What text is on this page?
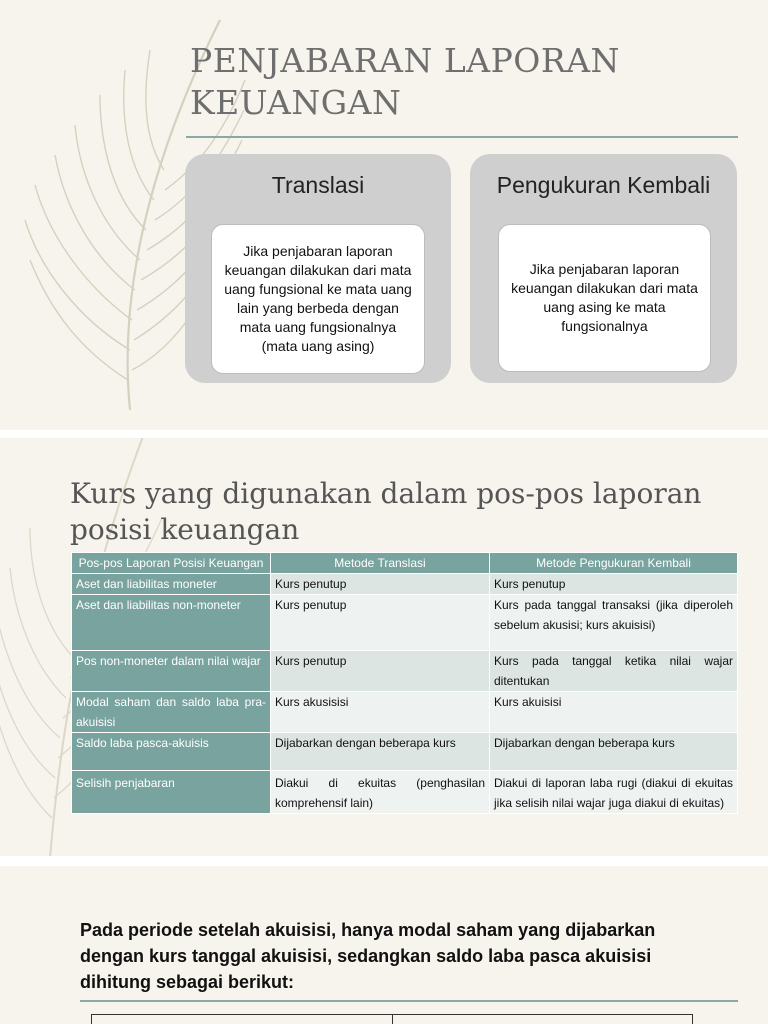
PENJABARAN LAPORAN KEUANGAN
Translasi
Jika penjabaran laporan keuangan dilakukan dari mata uang fungsional ke mata uang lain yang berbeda dengan mata uang fungsionalnya (mata uang asing)
Pengukuran Kembali
Jika penjabaran laporan keuangan dilakukan dari mata uang asing ke mata fungsionalnya
Kurs yang digunakan dalam pos-pos laporan posisi keuangan
Pos-pos Laporan Posisi Keuangan	Metode Translasi	Metode Pengukuran Kembali
Aset dan liabilitas moneter	Kurs penutup	Kurs penutup
Aset dan liabilitas non-moneter	Kurs penutup	Kurs pada tanggal transaksi (jika diperoleh sebelum akusisi; kurs akuisisi)
Pos non-moneter dalam nilai wajar	Kurs penutup	Kurs pada tanggal ketika nilai wajar ditentukan
Modal saham dan saldo laba pra-akuisisi	Kurs akusisisi	Kurs akuisisi
Saldo laba pasca-akuisis	Dijabarkan dengan beberapa kurs	Dijabarkan dengan beberapa kurs
Selisih penjabaran	Diakui di ekuitas (penghasilan komprehensif lain)	Diakui di laporan laba rugi (diakui di ekuitas jika selisih nilai wajar juga diakui di ekuitas)
Pada periode setelah akuisisi, hanya modal saham yang dijabarkan dengan kurs tanggal akuisisi, sedangkan saldo laba pasca akuisisi dihitung sebagai berikut:
